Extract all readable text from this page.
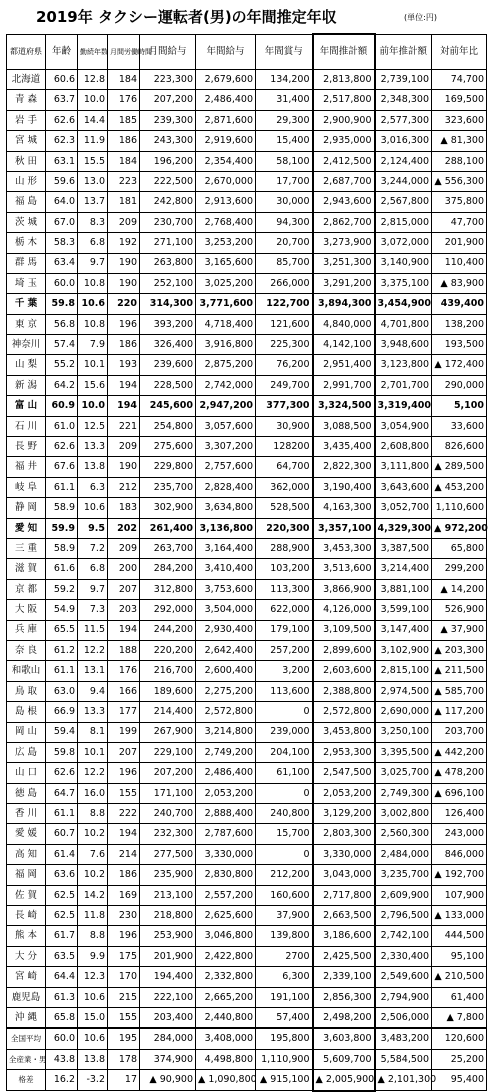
2019年 タクシー運転者(男)の年間推定年収	(単位:円)
都道府県	年齢	勤続年数	月間労働時間	月間給与	年間給与	年間賞与	年間推計額	前年推計額	対前年比
北海道	60.6	12.8	184	223,300	2,679,600	134,200	2,813,800	2,739,100	74,700
青 森	63.7	10.0	176	207,200	2,486,400	31,400	2,517,800	2,348,300	169,500
岩 手	62.6	14.4	185	239,300	2,871,600	29,300	2,900,900	2,577,300	323,600
宮 城	62.3	11.9	186	243,300	2,919,600	15,400	2,935,000	3,016,300	▲ 81,300
秋 田	63.1	15.5	184	196,200	2,354,400	58,100	2,412,500	2,124,400	288,100
山 形	59.6	13.0	223	222,500	2,670,000	17,700	2,687,700	3,244,000	▲ 556,300
福 島	64.0	13.7	181	242,800	2,913,600	30,000	2,943,600	2,567,800	375,800
茨 城	67.0	8.3	209	230,700	2,768,400	94,300	2,862,700	2,815,000	47,700
栃 木	58.3	6.8	192	271,100	3,253,200	20,700	3,273,900	3,072,000	201,900
群 馬	63.4	9.7	190	263,800	3,165,600	85,700	3,251,300	3,140,900	110,400
埼 玉	60.0	10.8	190	252,100	3,025,200	266,000	3,291,200	3,375,100	▲ 83,900
千 葉	59.8	10.6	220	314,300	3,771,600	122,700	3,894,300	3,454,900	439,400
東 京	56.8	10.8	196	393,200	4,718,400	121,600	4,840,000	4,701,800	138,200
神奈川	57.4	7.9	186	326,400	3,916,800	225,300	4,142,100	3,948,600	193,500
山 梨	55.2	10.1	193	239,600	2,875,200	76,200	2,951,400	3,123,800	▲ 172,400
新 潟	64.2	15.6	194	228,500	2,742,000	249,700	2,991,700	2,701,700	290,000
富 山	60.9	10.0	194	245,600	2,947,200	377,300	3,324,500	3,319,400	5,100
石 川	61.0	12.5	221	254,800	3,057,600	30,900	3,088,500	3,054,900	33,600
長 野	62.6	13.3	209	275,600	3,307,200	128200	3,435,400	2,608,800	826,600
福 井	67.6	13.8	190	229,800	2,757,600	64,700	2,822,300	3,111,800	▲ 289,500
岐 阜	61.1	6.3	212	235,700	2,828,400	362,000	3,190,400	3,643,600	▲ 453,200
静 岡	58.9	10.6	183	302,900	3,634,800	528,500	4,163,300	3,052,700	1,110,600
愛 知	59.9	9.5	202	261,400	3,136,800	220,300	3,357,100	4,329,300	▲ 972,200
三 重	58.9	7.2	209	263,700	3,164,400	288,900	3,453,300	3,387,500	65,800
滋 賀	61.6	6.8	200	284,200	3,410,400	103,200	3,513,600	3,214,400	299,200
京 都	59.2	9.7	207	312,800	3,753,600	113,300	3,866,900	3,881,100	▲ 14,200
大 阪	54.9	7.3	203	292,000	3,504,000	622,000	4,126,000	3,599,100	526,900
兵 庫	65.5	11.5	194	244,200	2,930,400	179,100	3,109,500	3,147,400	▲ 37,900
奈 良	61.2	12.2	188	220,200	2,642,400	257,200	2,899,600	3,102,900	▲ 203,300
和歌山	61.1	13.1	176	216,700	2,600,400	3,200	2,603,600	2,815,100	▲ 211,500
鳥 取	63.0	9.4	166	189,600	2,275,200	113,600	2,388,800	2,974,500	▲ 585,700
島 根	66.9	13.3	177	214,400	2,572,800	0	2,572,800	2,690,000	▲ 117,200
岡 山	59.4	8.1	199	267,900	3,214,800	239,000	3,453,800	3,250,100	203,700
広 島	59.8	10.1	207	229,100	2,749,200	204,100	2,953,300	3,395,500	▲ 442,200
山 口	62.6	12.2	196	207,200	2,486,400	61,100	2,547,500	3,025,700	▲ 478,200
徳 島	64.7	16.0	155	171,100	2,053,200	0	2,053,200	2,749,300	▲ 696,100
香 川	61.1	8.8	222	240,700	2,888,400	240,800	3,129,200	3,002,800	126,400
愛 媛	60.7	10.2	194	232,300	2,787,600	15,700	2,803,300	2,560,300	243,000
高 知	61.4	7.6	214	277,500	3,330,000	0	3,330,000	2,484,000	846,000
福 岡	63.6	10.2	186	235,900	2,830,800	212,200	3,043,000	3,235,700	▲ 192,700
佐 賀	62.5	14.2	169	213,100	2,557,200	160,600	2,717,800	2,609,900	107,900
長 崎	62.5	11.8	230	218,800	2,625,600	37,900	2,663,500	2,796,500	▲ 133,000
熊 本	61.7	8.8	196	253,900	3,046,800	139,800	3,186,600	2,742,100	444,500
大 分	63.5	9.9	175	201,900	2,422,800	2700	2,425,500	2,330,400	95,100
宮 崎	64.4	12.3	170	194,400	2,332,800	6,300	2,339,100	2,549,600	▲ 210,500
鹿児島	61.3	10.6	215	222,100	2,665,200	191,100	2,856,300	2,794,900	61,400
沖 縄	65.8	15.0	155	203,400	2,440,800	57,400	2,498,200	2,506,000	▲ 7,800
全国平均	60.0	10.6	195	284,000	3,408,000	195,800	3,603,800	3,483,200	120,600
全産業・男	43.8	13.8	178	374,900	4,498,800	1,110,900	5,609,700	5,584,500	25,200
格差	16.2	-3.2	17	▲ 90,900	▲ 1,090,800	▲ 915,100	▲ 2,005,900	▲ 2,101,300	95,400
